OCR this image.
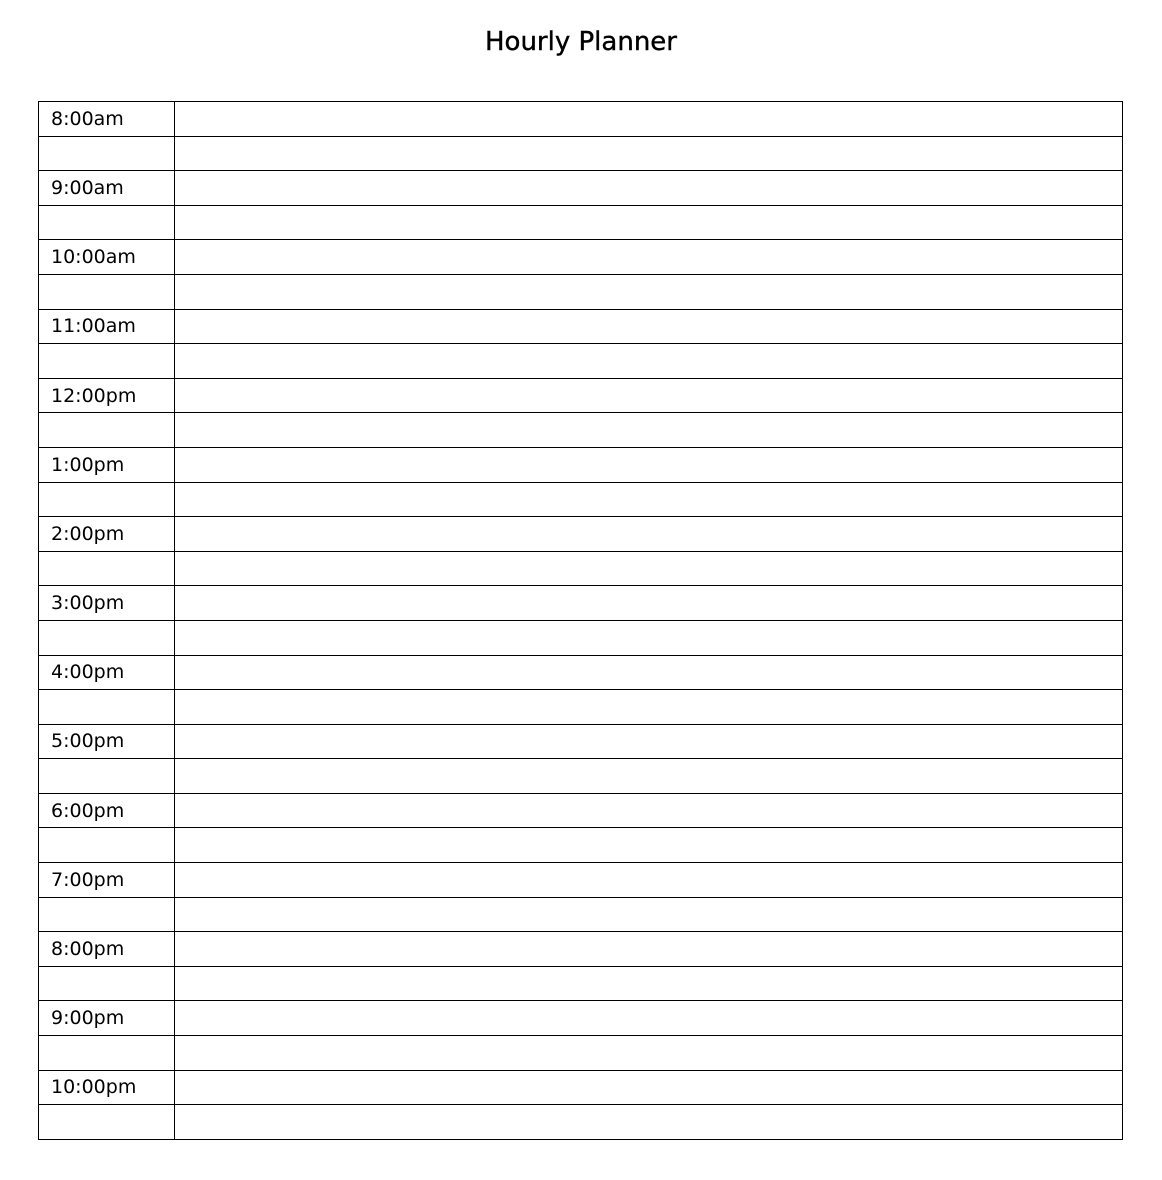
Hourly Planner
8:00am	

9:00am	

10:00am	

11:00am	

12:00pm	

1:00pm	

2:00pm	

3:00pm	

4:00pm	

5:00pm	

6:00pm	

7:00pm	

8:00pm	

9:00pm	

10:00pm	
